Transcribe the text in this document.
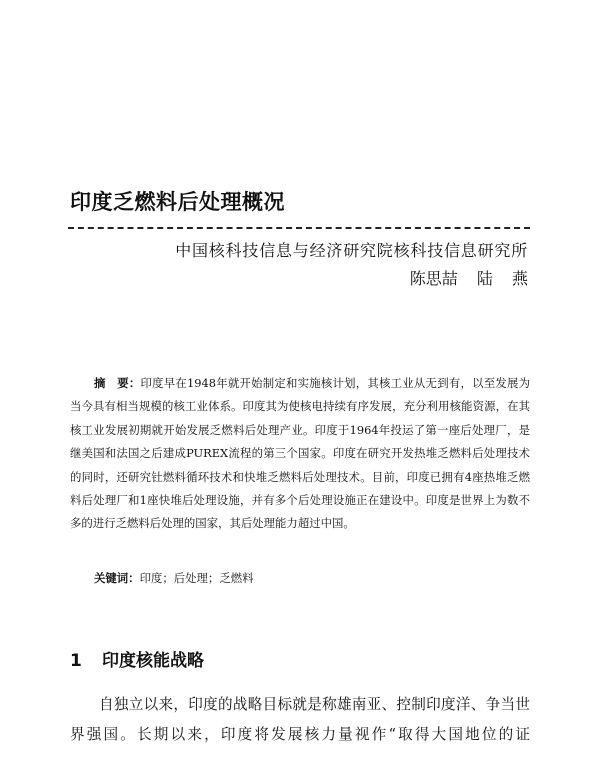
印度乏燃料后处理概况
中国核科技信息与经济研究院核科技信息研究所
陈思喆 陆 燕
摘　要：印度早在1948年就开始制定和实施核计划，其核工业从无到有，以至发展为当今具有相当规模的核工业体系。印度其为使核电持续有序发展，充分利用核能资源，在其核工业发展初期就开始发展乏燃料后处理产业。印度于1964年投运了第一座后处理厂，是继美国和法国之后建成PUREX流程的第三个国家。印度在研究开发热堆乏燃料后处理技术的同时，还研究钍燃料循环技术和快堆乏燃料后处理技术。目前，印度已拥有4座热堆乏燃料后处理厂和1座快堆后处理设施，并有多个后处理设施正在建设中。印度是世界上为数不多的进行乏燃料后处理的国家，其后处理能力超过中国。
关键词：印度；后处理；乏燃料
1 印度核能战略
自独立以来，印度的战略目标就是称雄南亚、控制印度洋、争当世界强国。长期以来，印度将发展核力量视作“取得大国地位的证
